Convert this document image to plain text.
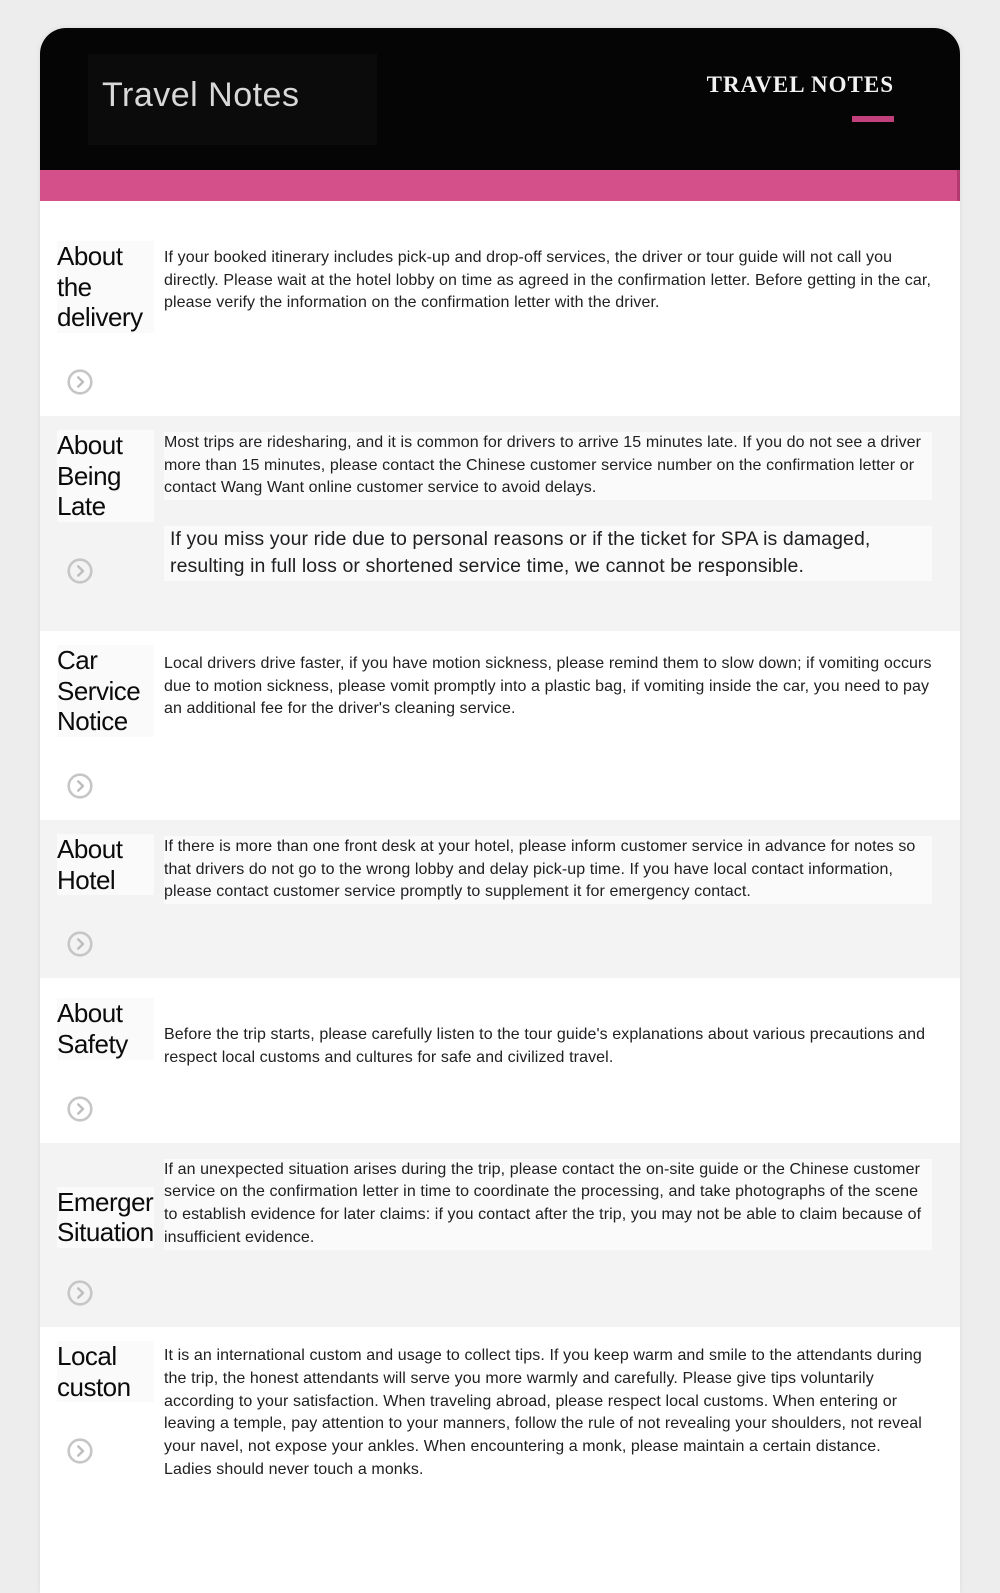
Travel Notes	TRAVEL NOTES
About the delivery

If your booked itinerary includes pick-up and drop-off services, the driver or tour guide will not call you directly. Please wait at the hotel lobby on time as agreed in the confirmation letter. Before getting in the car, please verify the information on the confirmation letter with the driver.

About Being Late

Most trips are ridesharing, and it is common for drivers to arrive 15 minutes late. If you do not see a driver more than 15 minutes, please contact the Chinese customer service number on the confirmation letter or contact Wang Want online customer service to avoid delays.

If you miss your ride due to personal reasons or if the ticket for SPA is damaged, resulting in full loss or shortened service time, we cannot be responsible.

Car Service Notice

Local drivers drive faster, if you have motion sickness, please remind them to slow down; if vomiting occurs due to motion sickness, please vomit promptly into a plastic bag, if vomiting inside the car, you need to pay an additional fee for the driver's cleaning service.

About Hotel

If there is more than one front desk at your hotel, please inform customer service in advance for notes so that drivers do not go to the wrong lobby and delay pick-up time. If you have local contact information, please contact customer service promptly to supplement it for emergency contact.

About Safety	Before the trip starts, please carefully listen to the tour guide's explanations about various precautions and respect local customs and cultures for safe and civilized travel.

Emerger Situation

If an unexpected situation arises during the trip, please contact the on-site guide or the Chinese customer service on the confirmation letter in time to coordinate the processing, and take photographs of the scene to establish evidence for later claims: if you contact after the trip, you may not be able to claim because of insufficient evidence.

Local custon

It is an international custom and usage to collect tips. If you keep warm and smile to the attendants during the trip, the honest attendants will serve you more warmly and carefully. Please give tips voluntarily according to your satisfaction. When traveling abroad, please respect local customs. When entering or leaving a temple, pay attention to your manners, follow the rule of not revealing your shoulders, not reveal your navel, not expose your ankles. When encountering a monk, please maintain a certain distance. Ladies should never touch a monks.
